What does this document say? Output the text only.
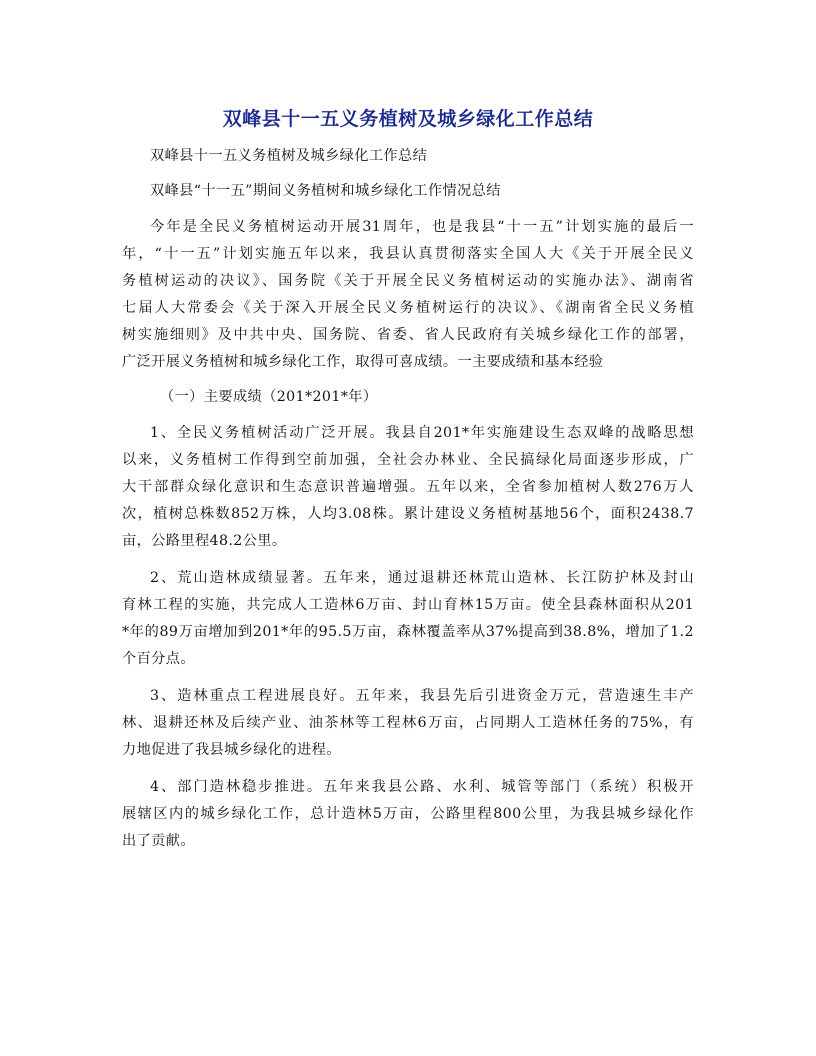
双峰县十一五义务植树及城乡绿化工作总结
双峰县十一五义务植树及城乡绿化工作总结
双峰县“十一五”期间义务植树和城乡绿化工作情况总结
今年是全民义务植树运动开展31周年，也是我县“十一五”计划实施的最后一
年，“十一五”计划实施五年以来，我县认真贯彻落实全国人大《关于开展全民义
务植树运动的决议》、国务院《关于开展全民义务植树运动的实施办法》、湖南省
七届人大常委会《关于深入开展全民义务植树运行的决议》、《湖南省全民义务植
树实施细则》及中共中央、国务院、省委、省人民政府有关城乡绿化工作的部署，
广泛开展义务植树和城乡绿化工作，取得可喜成绩。一主要成绩和基本经验
（一）主要成绩（201*201*年）
1、全民义务植树活动广泛开展。我县自201*年实施建设生态双峰的战略思想
以来，义务植树工作得到空前加强，全社会办林业、全民搞绿化局面逐步形成，广
大干部群众绿化意识和生态意识普遍增强。五年以来，全省参加植树人数276万人
次，植树总株数852万株，人均3.08株。累计建设义务植树基地56个，面积2438.7
亩，公路里程48.2公里。
2、荒山造林成绩显著。五年来，通过退耕还林荒山造林、长江防护林及封山
育林工程的实施，共完成人工造林6万亩、封山育林15万亩。使全县森林面积从201
*年的89万亩增加到201*年的95.5万亩，森林覆盖率从37%提高到38.8%，增加了1.2
个百分点。
3、造林重点工程进展良好。五年来，我县先后引进资金万元，营造速生丰产
林、退耕还林及后续产业、油茶林等工程林6万亩，占同期人工造林任务的75%，有
力地促进了我县城乡绿化的进程。
4、部门造林稳步推进。五年来我县公路、水利、城管等部门（系统）积极开
展辖区内的城乡绿化工作，总计造林5万亩，公路里程800公里，为我县城乡绿化作
出了贡献。
